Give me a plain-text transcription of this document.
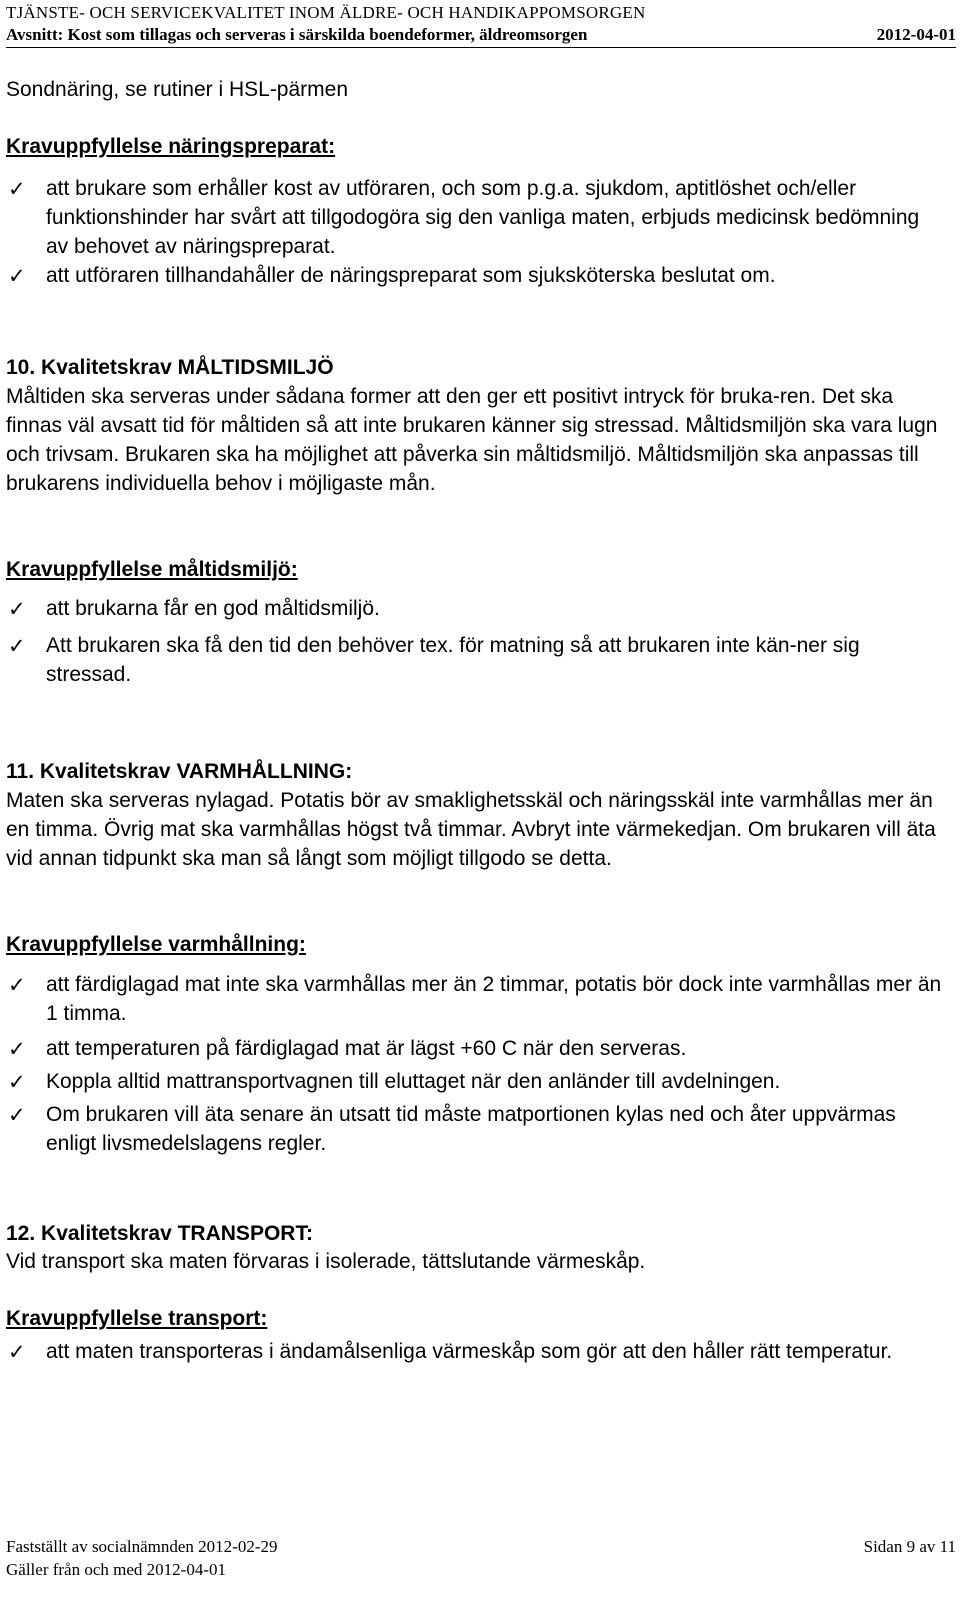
TJÄNSTE- OCH SERVICEKVALITET INOM ÄLDRE- OCH HANDIKAPPOMSORGEN
Avsnitt: Kost som tillagas och serveras i särskilda boendeformer, äldreomsorgen	2012-04-01
Sondnäring, se rutiner i HSL-pärmen
Kravuppfyllelse näringspreparat:
✓ att brukare som erhåller kost av utföraren, och som p.g.a. sjukdom, aptitlöshet och/eller funktionshinder har svårt att tillgodogöra sig den vanliga maten, erbjuds medicinsk bedömning av behovet av näringspreparat.
✓ att utföraren tillhandahåller de näringspreparat som sjuksköterska beslutat om.
10. Kvalitetskrav MÅLTIDSMILJÖ
Måltiden ska serveras under sådana former att den ger ett positivt intryck för bruka-ren. Det ska finnas väl avsatt tid för måltiden så att inte brukaren känner sig stressad. Måltidsmiljön ska vara lugn och trivsam. Brukaren ska ha möjlighet att påverka sin måltidsmiljö. Måltidsmiljön ska anpassas till brukarens individuella behov i möjligaste mån.
Kravuppfyllelse måltidsmiljö:
✓ att brukarna får en god måltidsmiljö.
✓ Att brukaren ska få den tid den behöver tex. för matning så att brukaren inte kän-ner sig stressad.
11. Kvalitetskrav VARMHÅLLNING:
Maten ska serveras nylagad. Potatis bör av smaklighetsskäl och näringsskäl inte varmhållas mer än en timma. Övrig mat ska varmhållas högst två timmar. Avbryt inte värmekedjan. Om brukaren vill äta vid annan tidpunkt ska man så långt som möjligt tillgodo se detta.
Kravuppfyllelse varmhållning:
✓ att färdiglagad mat inte ska varmhållas mer än 2 timmar, potatis bör dock inte varmhållas mer än 1 timma.
✓ att temperaturen på färdiglagad mat är lägst +60 C när den serveras.
✓ Koppla alltid mattransportvagnen till eluttaget när den anländer till avdelningen.
✓ Om brukaren vill äta senare än utsatt tid måste matportionen kylas ned och åter uppvärmas enligt livsmedelslagens regler.
12. Kvalitetskrav TRANSPORT:
Vid transport ska maten förvaras i isolerade, tättslutande värmeskåp.
Kravuppfyllelse transport:
✓ att maten transporteras i ändamålsenliga värmeskåp som gör att den håller rätt temperatur.
Fastställt av socialnämnden 2012-02-29	Sidan 9 av 11
Gäller från och med 2012-04-01
